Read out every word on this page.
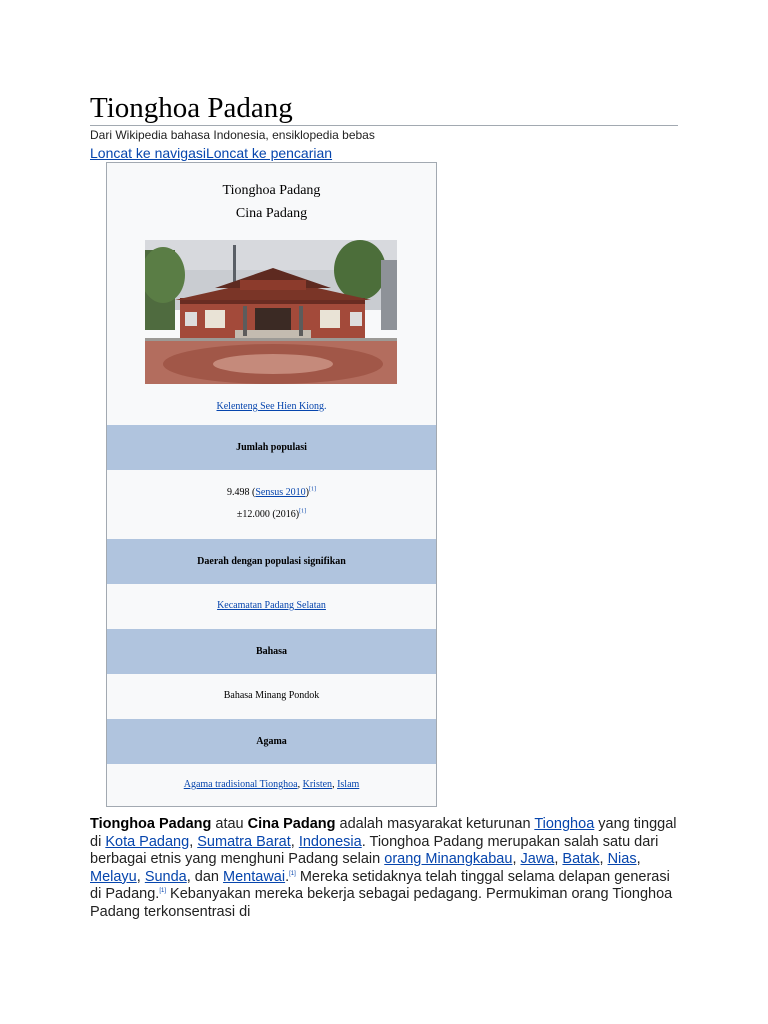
Tionghoa Padang
Dari Wikipedia bahasa Indonesia, ensiklopedia bebas
Loncat ke navigasiLoncat ke pencarian
Tionghoa Padang
Cina Padang
Kelenteng See Hien Kiong.
Jumlah populasi
9.498 (Sensus 2010)[1]
±12.000 (2016)[1]
Daerah dengan populasi signifikan
Kecamatan Padang Selatan
Bahasa
Bahasa Minang Pondok
Agama
Agama tradisional Tionghoa, Kristen, Islam
Tionghoa Padang atau Cina Padang adalah masyarakat keturunan Tionghoa yang tinggal di Kota Padang, Sumatra Barat, Indonesia. Tionghoa Padang merupakan salah satu dari berbagai etnis yang menghuni Padang selain orang Minangkabau, Jawa, Batak, Nias, Melayu, Sunda, dan Mentawai.[1] Mereka setidaknya telah tinggal selama delapan generasi di Padang.[1] Kebanyakan mereka bekerja sebagai pedagang. Permukiman orang Tionghoa Padang terkonsentrasi di
